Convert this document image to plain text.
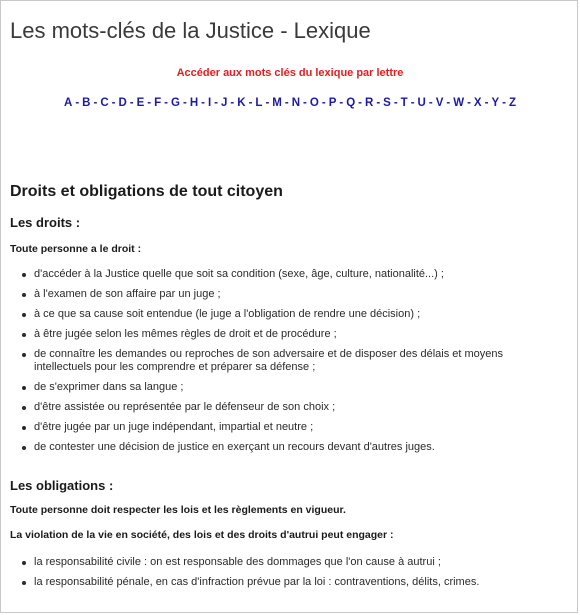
Les mots-clés de la Justice - Lexique
Accéder aux mots clés du lexique par lettre
A - B - C - D - E - F - G - H - I - J - K - L - M - N - O - P - Q - R - S - T - U - V - W - X - Y - Z
Droits et obligations de tout citoyen
Les droits :

Toute personne a le droit :

d'accéder à la Justice quelle que soit sa condition (sexe, âge, culture, nationalité...) ;
à l'examen de son affaire par un juge ;
à ce que sa cause soit entendue (le juge a l'obligation de rendre une décision) ;
à être jugée selon les mêmes règles de droit et de procédure ;
de connaître les demandes ou reproches de son adversaire et de disposer des délais et moyens intellectuels pour les comprendre et préparer sa défense ;
de s'exprimer dans sa langue ;
d'être assistée ou représentée par le défenseur de son choix ;
d'être jugée par un juge indépendant, impartial et neutre ;
de contester une décision de justice en exerçant un recours devant d'autres juges.
Les obligations :

Toute personne doit respecter les lois et les règlements en vigueur.

La violation de la vie en société, des lois et des droits d'autrui peut engager :

la responsabilité civile : on est responsable des dommages que l'on cause à autrui ;
la responsabilité pénale, en cas d'infraction prévue par la loi : contraventions, délits, crimes.
